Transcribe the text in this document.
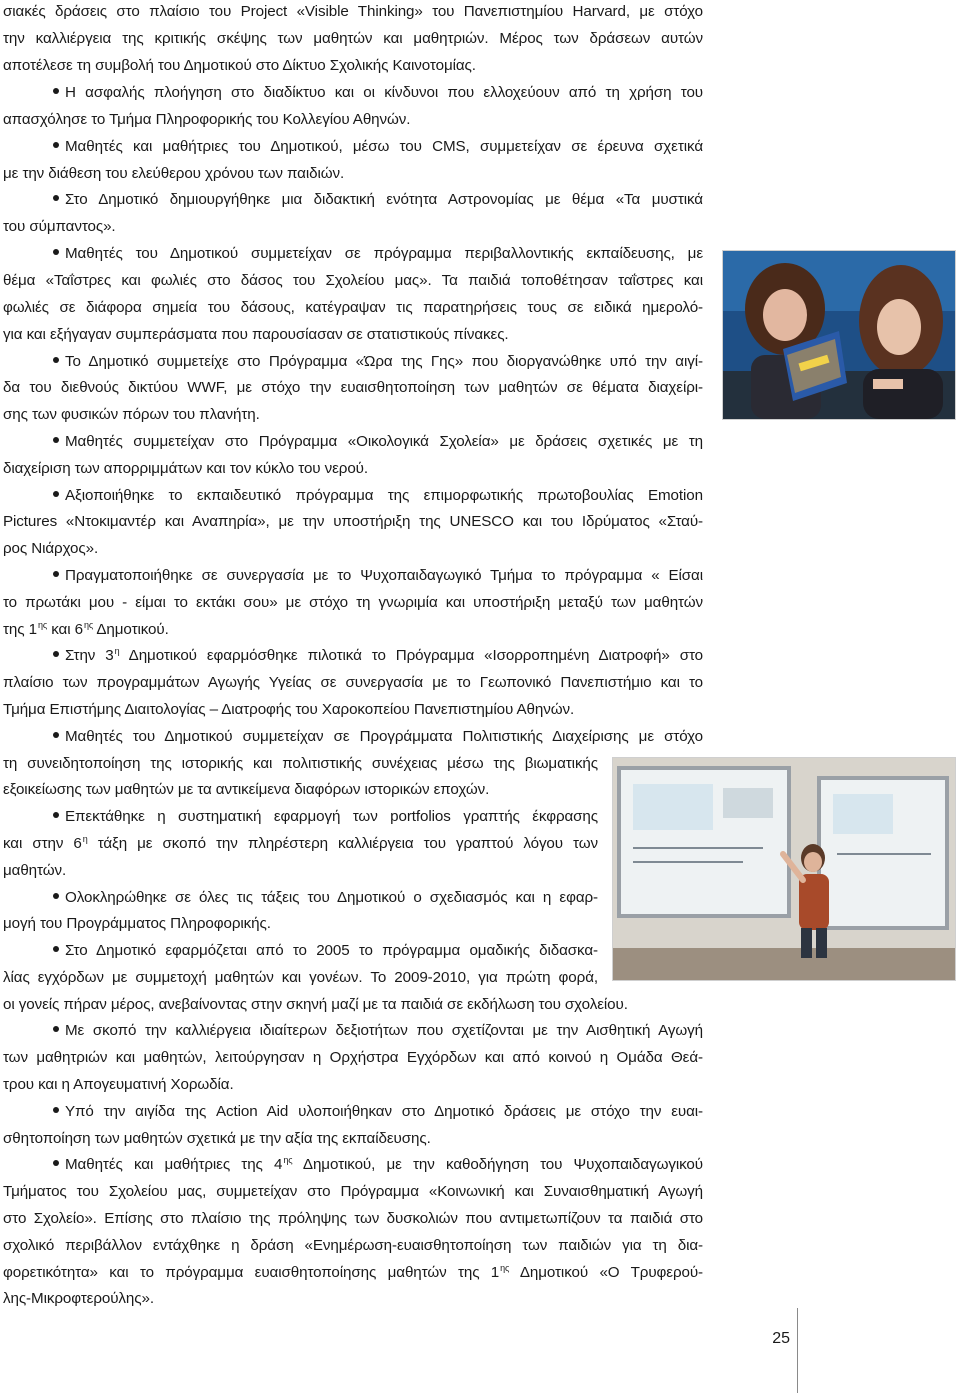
σιακές δράσεις στο πλαίσιο του Project «Visible Thinking» του Πανεπιστημίου Harvard, με στόχο
την καλλιέργεια της κριτικής σκέψης των μαθητών και μαθητριών. Μέρος των δράσεων αυτών
αποτέλεσε τη συμβολή του Δημοτικού στο Δίκτυο Σχολικής Καινοτομίας.
Η ασφαλής πλοήγηση στο διαδίκτυο και οι κίνδυνοι που ελλοχεύουν από τη χρήση του
απασχόλησε το Τμήμα Πληροφορικής του Κολλεγίου Αθηνών.
Μαθητές και μαθήτριες του Δημοτικού, μέσω του CMS, συμμετείχαν σε έρευνα σχετικά
με την διάθεση του ελεύθερου χρόνου των παιδιών.
Στο Δημοτικό δημιουργήθηκε μια διδακτική ενότητα Αστρονομίας με θέμα «Τα μυστικά
του σύμπαντος».
Μαθητές του Δημοτικού συμμετείχαν σε πρόγραμμα περιβαλλοντικής εκπαίδευσης, με
θέμα «Ταΐστρες και φωλιές στο δάσος του Σχολείου μας». Τα παιδιά τοποθέτησαν ταΐστρες και
φωλιές σε διάφορα σημεία του δάσους, κατέγραψαν τις παρατηρήσεις τους σε ειδικά ημερολό-
για και εξήγαγαν συμπεράσματα που παρουσίασαν σε στατιστικούς πίνακες.
Το Δημοτικό συμμετείχε στο Πρόγραμμα «Ώρα της Γης» που διοργανώθηκε υπό την αιγί-
δα του διεθνούς δικτύου WWF, με στόχο την ευαισθητοποίηση των μαθητών σε θέματα διαχείρι-
σης των φυσικών πόρων του πλανήτη.
Μαθητές συμμετείχαν στο Πρόγραμμα «Οικολογικά Σχολεία» με δράσεις σχετικές με τη
διαχείριση των απορριμμάτων και τον κύκλο του νερού.
Αξιοποιήθηκε το εκπαιδευτικό πρόγραμμα της επιμορφωτικής πρωτοβουλίας Emotion
Pictures «Ντοκιμαντέρ και Αναπηρία», με την υποστήριξη της UNESCO και του Ιδρύματος «Σταύ-
ρος Νιάρχος».
Πραγματοποιήθηκε σε συνεργασία με το Ψυχοπαιδαγωγικό Τμήμα το πρόγραμμα « Είσαι
το πρωτάκι μου - είμαι το εκτάκι σου» με στόχο τη γνωριμία και υποστήριξη μεταξύ των μαθητών
της $1^{\eta\varsigma}$ και $6^{\eta\varsigma}$ Δημοτικού.
Στην $3^\eta$ Δημοτικού εφαρμόσθηκε πιλοτικά το Πρόγραμμα «Ισορροπημένη Διατροφή» στο
πλαίσιο των προγραμμάτων Αγωγής Υγείας σε συνεργασία με το Γεωπονικό Πανεπιστήμιο και το
Τμήμα Επιστήμης Διαιτολογίας – Διατροφής του Χαροκοπείου Πανεπιστημίου Αθηνών.
Μαθητές του Δημοτικού συμμετείχαν σε Προγράμματα Πολιτιστικής Διαχείρισης με στόχο
τη συνειδητοποίηση της ιστορικής και πολιτιστικής συνέχειας μέσω της βιωματικής
εξοικείωσης των μαθητών με τα αντικείμενα διαφόρων ιστορικών εποχών.
Επεκτάθηκε η συστηματική εφαρμογή των portfolios γραπτής έκφρασης
και στην $6^\eta$ τάξη με σκοπό την πληρέστερη καλλιέργεια του γραπτού λόγου των
μαθητών.
Ολοκληρώθηκε σε όλες τις τάξεις του Δημοτικού ο σχεδιασμός και η εφαρ-
μογή του Προγράμματος Πληροφορικής.
Στο Δημοτικό εφαρμόζεται από το 2005 το πρόγραμμα ομαδικής διδασκα-
λίας εγχόρδων με συμμετοχή μαθητών και γονέων. Το 2009-2010, για πρώτη φορά,
οι γονείς πήραν μέρος, ανεβαίνοντας στην σκηνή μαζί με τα παιδιά σε εκδήλωση του σχολείου.
Με σκοπό την καλλιέργεια ιδιαίτερων δεξιοτήτων που σχετίζονται με την Αισθητική Αγωγή
των μαθητριών και μαθητών, λειτούργησαν η Ορχήστρα Εγχόρδων και από κοινού η Ομάδα Θεά-
τρου και η Απογευματινή Χορωδία.
Υπό την αιγίδα της Action Aid υλοποιήθηκαν στο Δημοτικό δράσεις με στόχο την ευαι-
σθητοποίηση των μαθητών σχετικά με την αξία της εκπαίδευσης.
Μαθητές και μαθήτριες της $4^{\eta\varsigma}$ Δημοτικού, με την καθοδήγηση του Ψυχοπαιδαγωγικού
Τμήματος του Σχολείου μας, συμμετείχαν στο Πρόγραμμα «Κοινωνική και Συναισθηματική Αγωγή
στο Σχολείο». Επίσης στο πλαίσιο της πρόληψης των δυσκολιών που αντιμετωπίζουν τα παιδιά στο
σχολικό περιβάλλον εντάχθηκε η δράση «Ενημέρωση-ευαισθητοποίηση των παιδιών για τη δια-
φορετικότητα» και το πρόγραμμα ευαισθητοποίησης μαθητών της $1^{\eta\varsigma}$ Δημοτικού «Ο Τρυφερού-
λης-Μικροφτερούλης».
25
